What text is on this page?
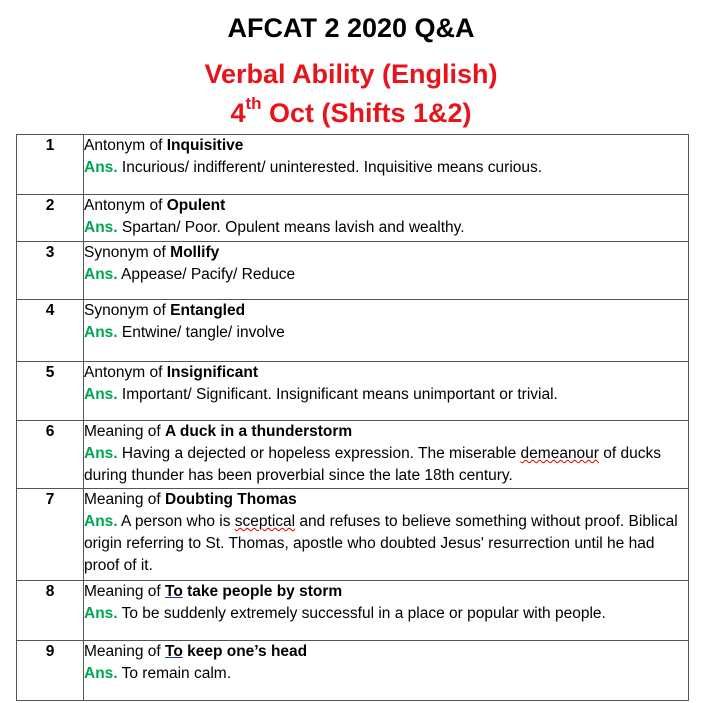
AFCAT 2 2020 Q&A
Verbal Ability (English)
4th Oct (Shifts 1&2)
1	Antonym of Inquisitive
Ans. Incurious/ indifferent/ uninterested. Inquisitive means curious.

2	Antonym of Opulent
Ans. Spartan/ Poor. Opulent means lavish and wealthy.

3	Synonym of Mollify
Ans. Appease/ Pacify/ Reduce

4	Synonym of Entangled
Ans. Entwine/ tangle/ involve

5	Antonym of Insignificant
Ans. Important/ Significant. Insignificant means unimportant or trivial.

6	Meaning of A duck in a thunderstorm
Ans. Having a dejected or hopeless expression. The miserable demeanour of ducks during thunder has been proverbial since the late 18th century.

7	Meaning of Doubting Thomas
Ans. A person who is sceptical and refuses to believe something without proof. Biblical origin referring to St. Thomas, apostle who doubted Jesus' resurrection until he had proof of it.

8	Meaning of To take people by storm
Ans. To be suddenly extremely successful in a place or popular with people.

9	Meaning of To keep one’s head
Ans. To remain calm.
